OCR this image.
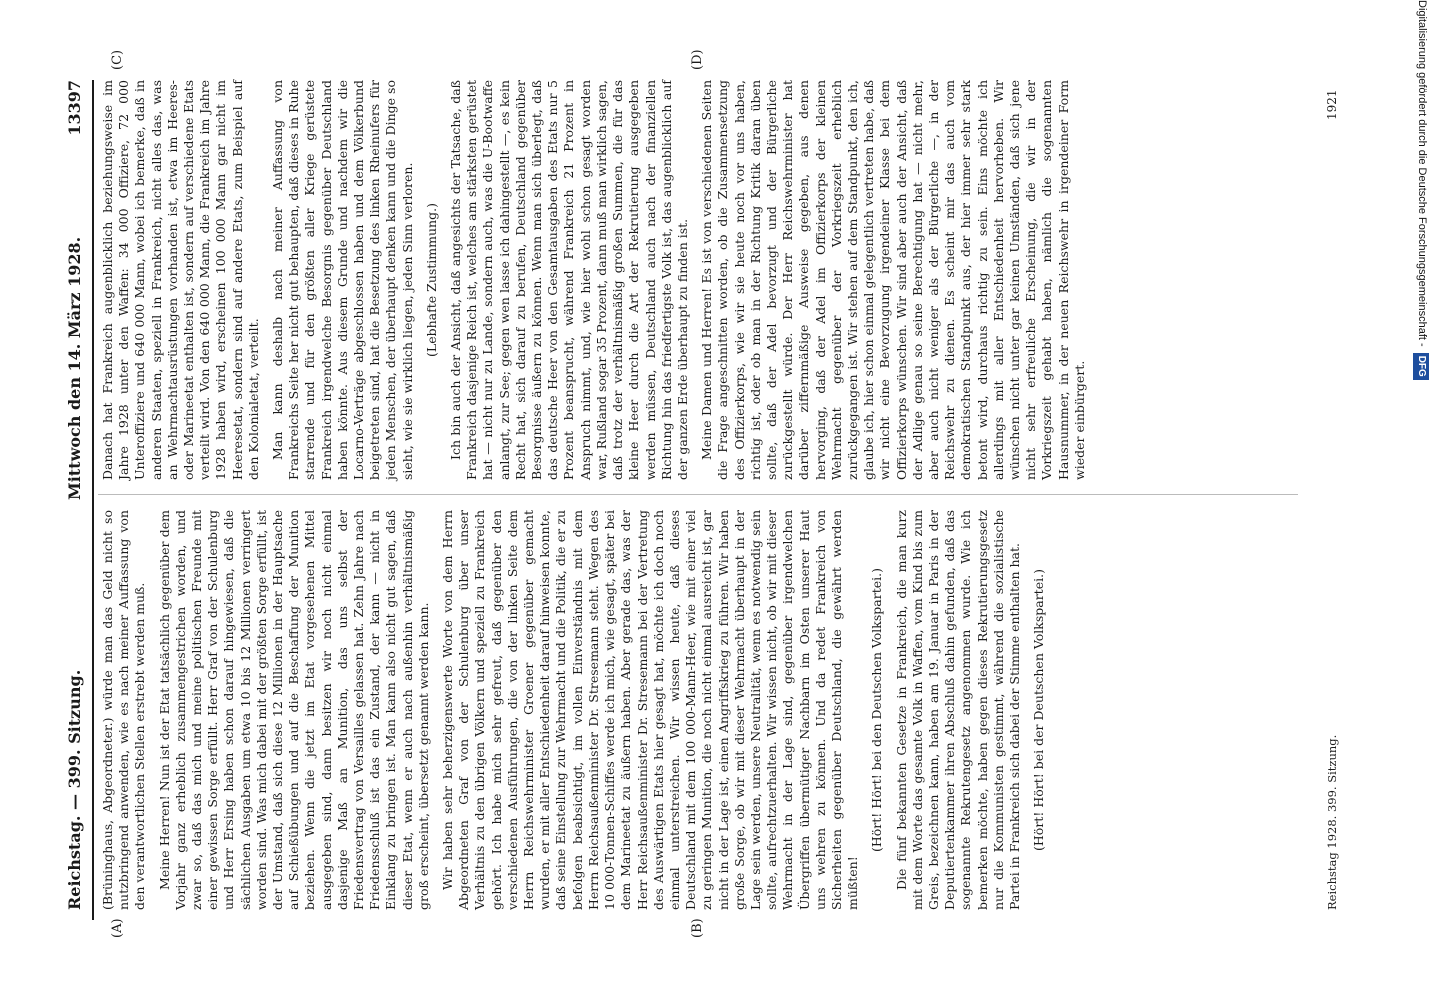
Reichstag. — 399. Sitzung.
Mittwoch den 14. März 1928.
13397
(A)	(B)
(C)	(D)

(Brüninghaus, Abgeordneter.) würde man das Geld nicht so nutzbringend anwenden, wie es nach meiner Auffassung von den verantwortlichen Stellen erstrebt werden muß. Meine Herren! Nun ist der Etat tatsächlich gegenüber dem Vorjahr ganz erheblich zusammengestrichen worden, und zwar so, daß das mich und meine politischen Freunde mit einer gewissen Sorge erfüllt. Herr Graf von der Schulenburg und Herr Ersing haben schon darauf hingewiesen, daß die sächlichen Ausgaben um etwa 10 bis 12 Millionen verringert worden sind. Was mich dabei mit der größten Sorge erfüllt, ist der Umstand, daß sich diese 12 Millionen in der Hauptsache auf Schießübungen und auf die Beschaffung der Munition beziehen. Wenn die jetzt im Etat vorgesehenen Mittel ausgegeben sind, dann besitzen wir noch nicht einmal dasjenige Maß an Munition, das uns selbst der Friedensvertrag von Versailles gelassen hat. Zehn Jahre nach Friedensschluß ist das ein Zustand, der kann — nicht in Einklang zu bringen ist. Man kann also nicht gut sagen, daß dieser Etat, wenn er auch nach außenhin verhältnismäßig groß erscheint, übersetzt genannt werden kann. Wir haben sehr beherzigenswerte Worte von dem Herrn Abgeordneten Graf von der Schulenburg über unser Verhältnis zu den übrigen Völkern und speziell zu Frankreich gehört. Ich habe mich sehr gefreut, daß gegenüber den verschiedenen Ausführungen, die von der linken Seite dem Herrn Reichswehrminister Groener gegenüber gemacht wurden, er mit aller Entschiedenheit darauf hinweisen konnte, daß seine Einstellung zur Wehrmacht und die Politik, die er zu befolgen beabsichtigt, im vollen Einverständnis mit dem Herrn Reichsaußenminister Dr. Stresemann steht. Wegen des 10 000-Tonnen-Schiffes werde ich mich, wie gesagt, später bei dem Marineetat zu äußern haben. Aber gerade das, was der Herr Reichsaußenminister Dr. Stresemann bei der Vertretung des Auswärtigen Etats hier gesagt hat, möchte ich doch noch einmal unterstreichen. Wir wissen heute, daß dieses Deutschland mit dem 100 000-Mann-Heer, wie mit einer viel zu geringen Munition, die noch nicht einmal ausreicht ist, gar nicht in der Lage ist, einen Angriffskrieg zu führen. Wir haben große Sorge, ob wir mit dieser Wehrmacht überhaupt in der Lage sein werden, unsere Neutralität, wenn es notwendig sein sollte, aufrechtzuerhalten. Wir wissen nicht, ob wir mit dieser Wehrmacht in der Lage sind, gegenüber irgendwelchen Übergriffen übermütiger Nachbarn im Osten unserer Haut uns wehren zu können. Und da redet Frankreich von Sicherheiten gegenüber Deutschland, die gewährt werden müßten!

(Hört! Hört! bei den Deutschen Volkspartei.) Die fünf bekannten Gesetze in Frankreich, die man kurz mit dem Worte das gesamte Volk in Waffen, vom Kind bis zum Greis, bezeichnen kann, haben am 19. Januar in Paris in der Deputiertenkammer ihren Abschluß dahin gefunden, daß das sogenannte Rekrutengesetz angenommen wurde. Wie ich bemerken möchte, haben gegen dieses Rekrutierungsgesetz nur die Kommunisten gestimmt, während die sozialistische Partei in Frankreich sich dabei der Stimme enthalten hat. (Hört! Hört! bei der Deutschen Volkspartei.)

Danach hat Frankreich augenblicklich beziehungsweise im Jahre 1928 unter den Waffen: 34 000 Offiziere, 72 000 Unteroffiziere und 640 000 Mann, wobei ich bemerke, daß in anderen Staaten, speziell in Frankreich, nicht alles das, was an Wehrmachtausrüstungen vorhanden ist, etwa im Heeres- oder Marineetat enthalten ist, sondern auf verschiedene Etats verteilt wird. Von den 640 000 Mann, die Frankreich im Jahre 1928 haben wird, erscheinen 100 000 Mann gar nicht im Heeresetat, sondern sind auf andere Etats, zum Beispiel auf den Kolonialetat, verteilt. Man kann deshalb nach meiner Auffassung von Frankreichs Seite her nicht gut behaupten, daß dieses in Ruhe starrende und für den größten aller Kriege gerüstete Frankreich irgendwelche Besorgnis gegenüber Deutschland haben könnte. Aus diesem Grunde und nachdem wir die Locarno-Verträge abgeschlossen haben und dem Völkerbund beigetreten sind, hat die Besetzung des linken Rheinufers für jeden Menschen, der überhaupt denken kann und die Dinge so sieht, wie sie wirklich liegen, jeden Sinn verloren. (Lebhafte Zustimmung.) Ich bin auch der Ansicht, daß angesichts der Tatsache, daß Frankreich dasjenige Reich ist, welches am stärksten gerüstet hat — nicht nur zu Lande, sondern auch, was die U-Bootwaffe anlangt, zur See; gegen wen lasse ich dahingestellt —, es kein Recht hat, sich darauf zu berufen, Deutschland gegenüber Besorgnisse äußern zu können. Wenn man sich überlegt, daß das deutsche Heer von den Gesamtausgaben des Etats nur 5 Prozent beansprucht, während Frankreich 21 Prozent in Anspruch nimmt, und, wie hier wohl schon gesagt worden war, Rußland sogar 35 Prozent, dann muß man wirklich sagen, daß trotz der verhältnismäßig großen Summen, die für das kleine Heer durch die Art der Rekrutierung ausgegeben werden müssen, Deutschland auch nach der finanziellen Richtung hin das friedfertigste Volk ist, das augenblicklich auf der ganzen Erde überhaupt zu finden ist. Meine Damen und Herren! Es ist von verschiedenen Seiten die Frage angeschnitten worden, ob die Zusammensetzung des Offizierkorps, wie wir sie heute noch vor uns haben, richtig ist, oder ob man in der Richtung Kritik daran üben sollte, daß der Adel bevorzugt und der Bürgerliche zurückgestellt würde. Der Herr Reichswehrminister hat darüber ziffernmäßige Ausweise gegeben, aus denen hervorging, daß der Adel im Offizierkorps der kleinen Wehrmacht gegenüber der Vorkriegszeit erheblich zurückgegangen ist. Wir stehen auf dem Standpunkt, den ich, glaube ich, hier schon einmal gelegentlich vertreten habe, daß wir nicht eine Bevorzugung irgendeiner Klasse bei dem Offizierkorps wünschen. Wir sind aber auch der Ansicht, daß der Adlige genau so seine Berechtigung hat — nicht mehr, aber auch nicht weniger als der Bürgerliche —, in der Reichswehr zu dienen. Es scheint mir das auch vom demokratischen Standpunkt aus, der hier immer sehr stark betont wird, durchaus richtig zu sein. Eins möchte ich allerdings mit aller Entschiedenheit hervorheben. Wir wünschen nicht unter gar keinen Umständen, daß sich jene nicht sehr erfreuliche Erscheinung, die wir in der Vorkriegszeit gehabt haben, nämlich die sogenannten Hausnummer, in der neuen Reichswehr in irgendeiner Form wieder einbürgert.

Reichstag 1928. 399. Sitzung.
1921	Digitalisierung gefördert durch die Deutsche Forschungsgemeinschaft -DFG
